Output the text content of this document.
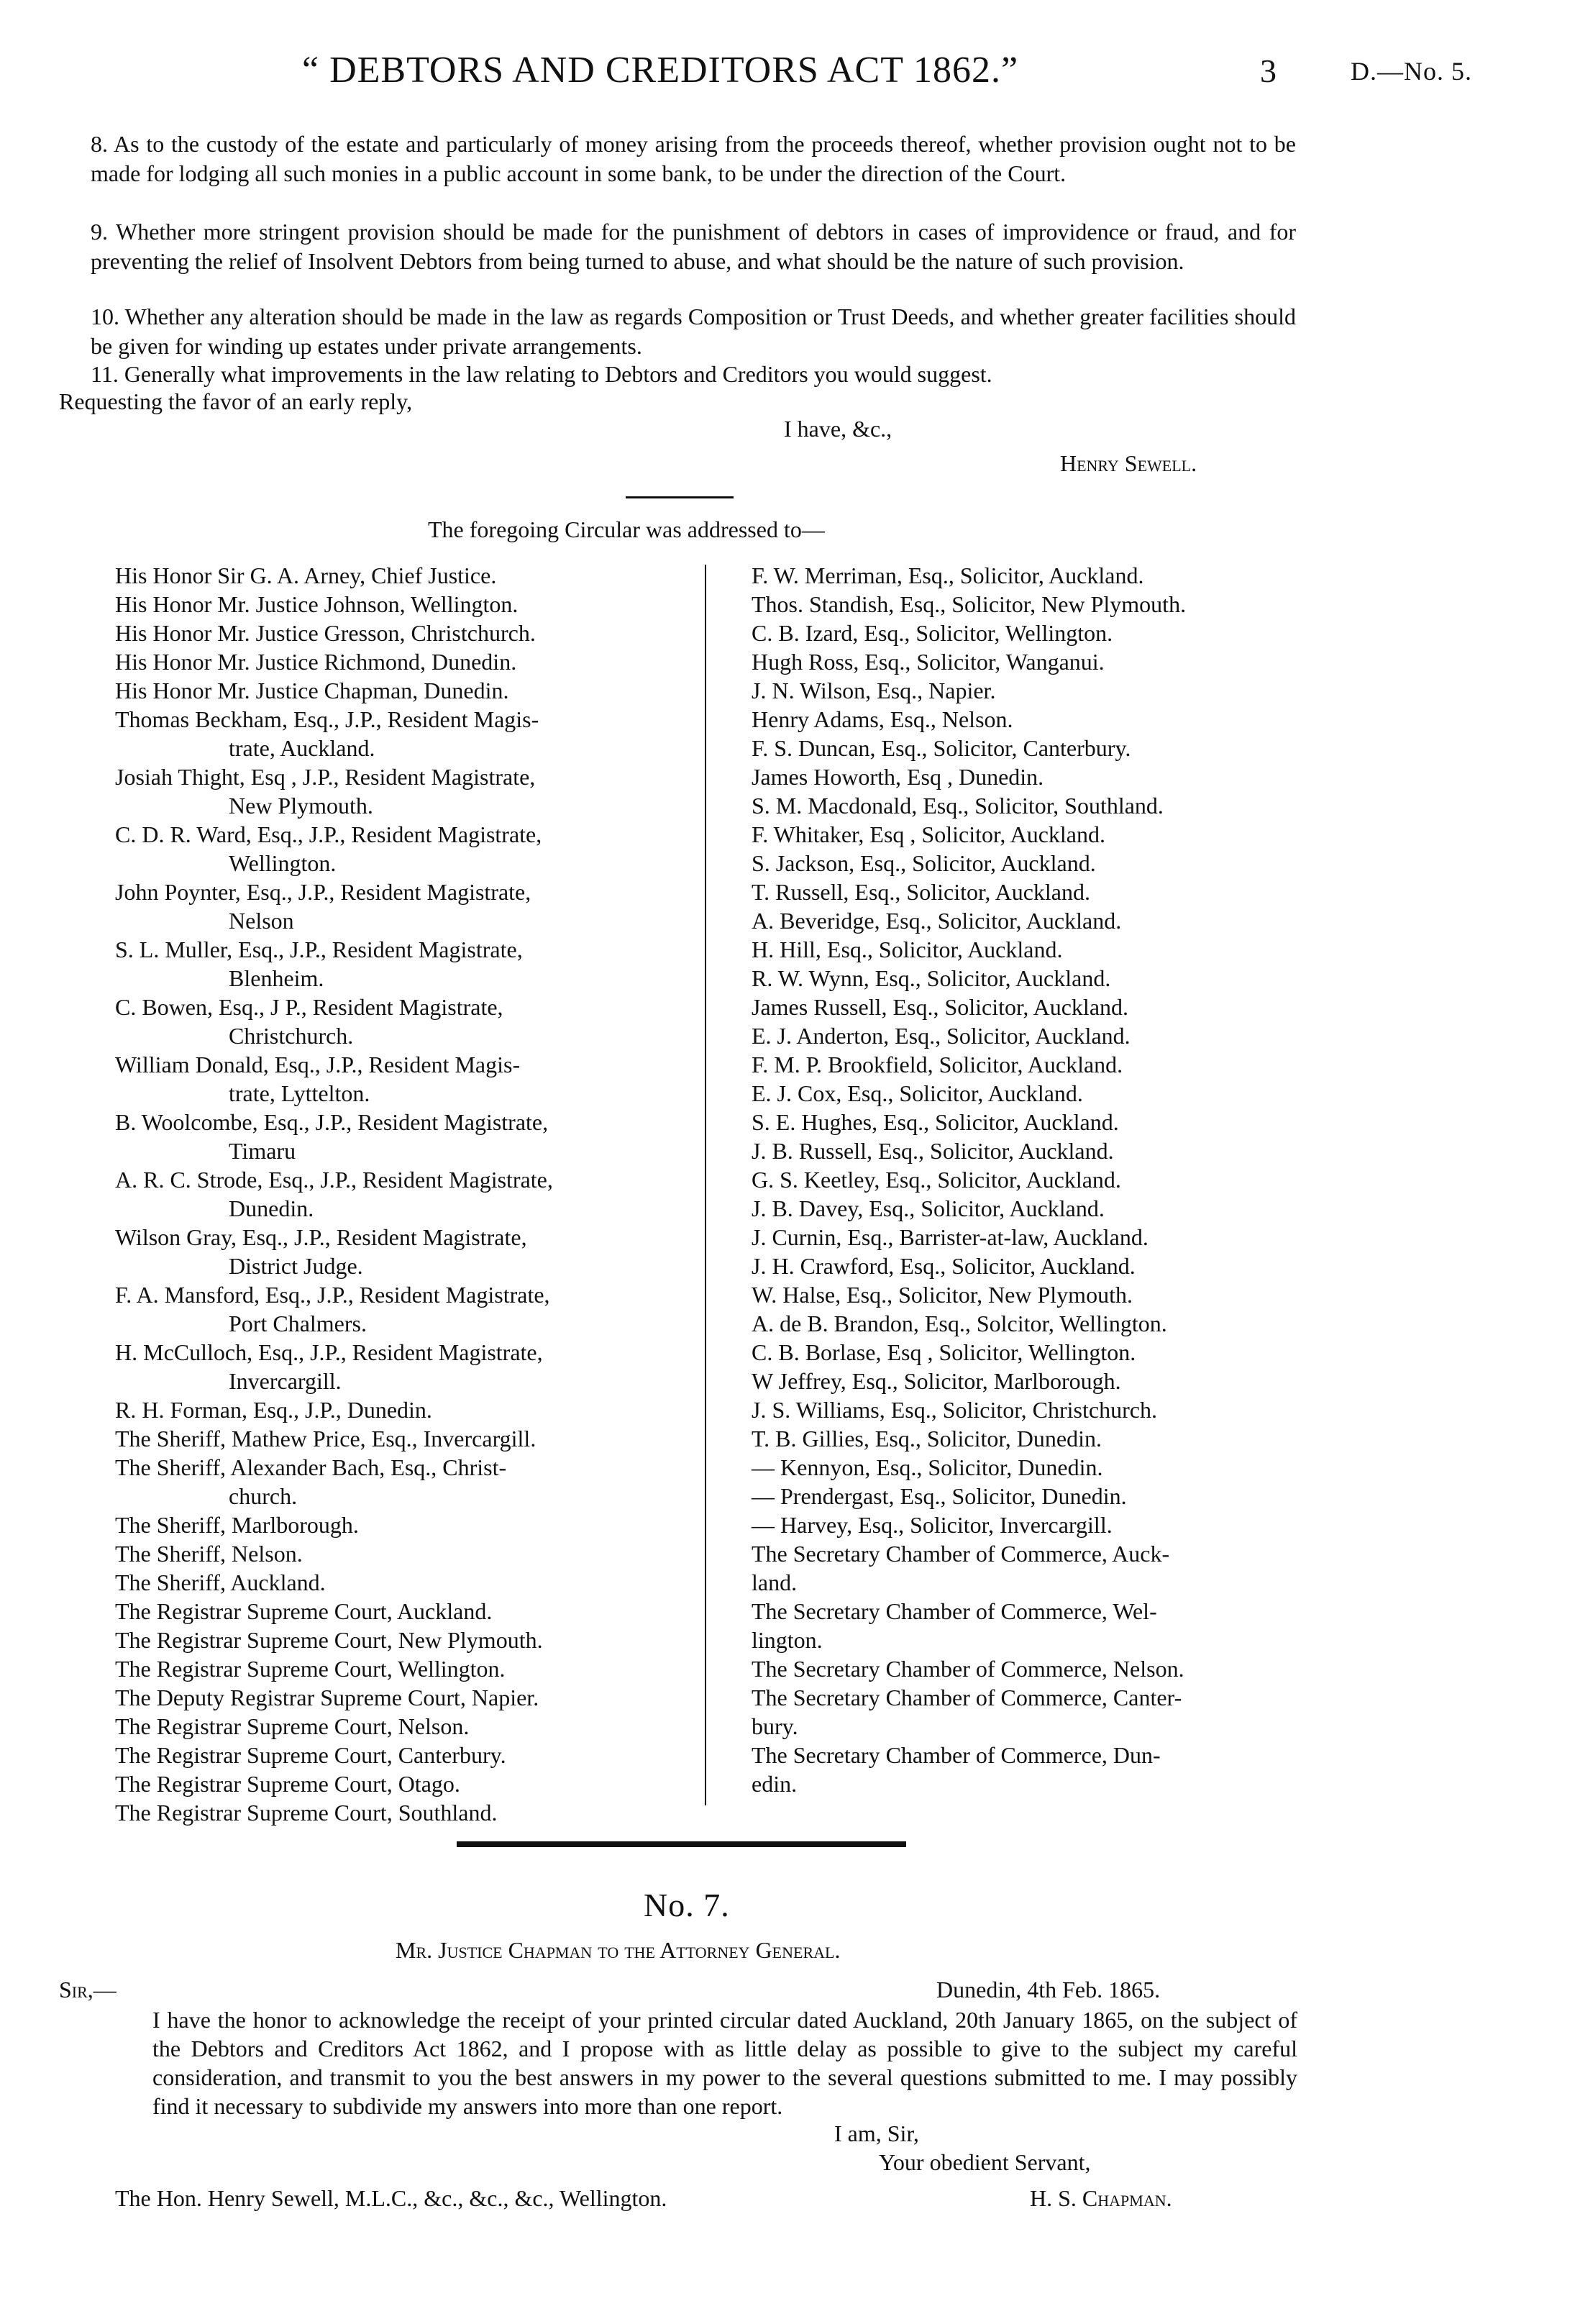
“ DEBTORS AND CREDITORS ACT 1862.”	3	D.—No. 5.
8. As to the custody of the estate and particularly of money arising from the proceeds thereof, whether provision ought not to be made for lodging all such monies in a public account in some bank, to be under the direction of the Court.
9. Whether more stringent provision should be made for the punishment of debtors in cases of improvidence or fraud, and for preventing the relief of Insolvent Debtors from being turned to abuse, and what should be the nature of such provision.
10. Whether any alteration should be made in the law as regards Composition or Trust Deeds, and whether greater facilities should be given for winding up estates under private arrangements.
11. Generally what improvements in the law relating to Debtors and Creditors you would suggest.
Requesting the favor of an early reply,
I have, &c.,
Henry Sewell.
The foregoing Circular was addressed to—
His Honor Sir G. A. Arney, Chief Justice.
His Honor Mr. Justice Johnson, Wellington.
His Honor Mr. Justice Gresson, Christchurch.
His Honor Mr. Justice Richmond, Dunedin.
His Honor Mr. Justice Chapman, Dunedin.
Thomas Beckham, Esq., J.P., Resident Magis-
trate, Auckland.
Josiah Thight, Esq , J.P., Resident Magistrate,
New Plymouth.
C. D. R. Ward, Esq., J.P., Resident Magistrate,
Wellington.
John Poynter, Esq., J.P., Resident Magistrate,
Nelson
S. L. Muller, Esq., J.P., Resident Magistrate,
Blenheim.
C. Bowen, Esq., J P., Resident Magistrate,
Christchurch.
William Donald, Esq., J.P., Resident Magis-
trate, Lyttelton.
B. Woolcombe, Esq., J.P., Resident Magistrate,
Timaru
A. R. C. Strode, Esq., J.P., Resident Magistrate,
Dunedin.
Wilson Gray, Esq., J.P., Resident Magistrate,
District Judge.
F. A. Mansford, Esq., J.P., Resident Magistrate,
Port Chalmers.
H. McCulloch, Esq., J.P., Resident Magistrate,
Invercargill.
R. H. Forman, Esq., J.P., Dunedin.
The Sheriff, Mathew Price, Esq., Invercargill.
The Sheriff, Alexander Bach, Esq., Christ-
church.
The Sheriff, Marlborough.
The Sheriff, Nelson.
The Sheriff, Auckland.
The Registrar Supreme Court, Auckland.
The Registrar Supreme Court, New Plymouth.
The Registrar Supreme Court, Wellington.
The Deputy Registrar Supreme Court, Napier.
The Registrar Supreme Court, Nelson.
The Registrar Supreme Court, Canterbury.
The Registrar Supreme Court, Otago.
The Registrar Supreme Court, Southland.
F. W. Merriman, Esq., Solicitor, Auckland.
Thos. Standish, Esq., Solicitor, New Plymouth.
C. B. Izard, Esq., Solicitor, Wellington.
Hugh Ross, Esq., Solicitor, Wanganui.
J. N. Wilson, Esq., Napier.
Henry Adams, Esq., Nelson.
F. S. Duncan, Esq., Solicitor, Canterbury.
James Howorth, Esq , Dunedin.
S. M. Macdonald, Esq., Solicitor, Southland.
F. Whitaker, Esq , Solicitor, Auckland.
S. Jackson, Esq., Solicitor, Auckland.
T. Russell, Esq., Solicitor, Auckland.
A. Beveridge, Esq., Solicitor, Auckland.
H. Hill, Esq., Solicitor, Auckland.
R. W. Wynn, Esq., Solicitor, Auckland.
James Russell, Esq., Solicitor, Auckland.
E. J. Anderton, Esq., Solicitor, Auckland.
F. M. P. Brookfield, Solicitor, Auckland.
E. J. Cox, Esq., Solicitor, Auckland.
S. E. Hughes, Esq., Solicitor, Auckland.
J. B. Russell, Esq., Solicitor, Auckland.
G. S. Keetley, Esq., Solicitor, Auckland.
J. B. Davey, Esq., Solicitor, Auckland.
J. Curnin, Esq., Barrister-at-law, Auckland.
J. H. Crawford, Esq., Solicitor, Auckland.
W. Halse, Esq., Solicitor, New Plymouth.
A. de B. Brandon, Esq., Solcitor, Wellington.
C. B. Borlase, Esq , Solicitor, Wellington.
W Jeffrey, Esq., Solicitor, Marlborough.
J. S. Williams, Esq., Solicitor, Christchurch.
T. B. Gillies, Esq., Solicitor, Dunedin.
— Kennyon, Esq., Solicitor, Dunedin.
— Prendergast, Esq., Solicitor, Dunedin.
— Harvey, Esq., Solicitor, Invercargill.
The Secretary Chamber of Commerce, Auck-
land.
The Secretary Chamber of Commerce, Wel-
lington.
The Secretary Chamber of Commerce, Nelson.
The Secretary Chamber of Commerce, Canter-
bury.
The Secretary Chamber of Commerce, Dun-
edin.
No. 7.
Mr. Justice Chapman to the Attorney General.
Sir,—	Dunedin, 4th Feb. 1865.
I have the honor to acknowledge the receipt of your printed circular dated Auckland, 20th January 1865, on the subject of the Debtors and Creditors Act 1862, and I propose with as little delay as possible to give to the subject my careful consideration, and transmit to you the best answers in my power to the several questions submitted to me. I may possibly find it necessary to subdivide my answers into more than one report.
I am, Sir,
Your obedient Servant,
The Hon. Henry Sewell, M.L.C., &c., &c., &c., Wellington.	H. S. Chapman.
